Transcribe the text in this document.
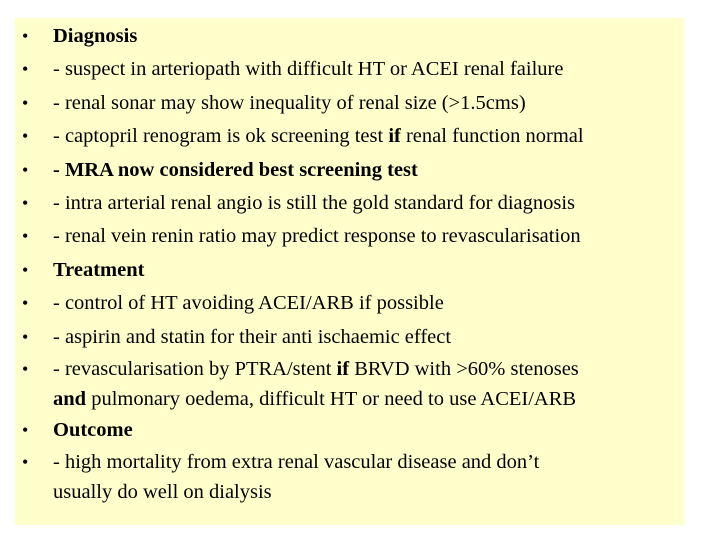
• Diagnosis
• - suspect in arteriopath with difficult HT or ACEI renal failure
• - renal sonar may show inequality of renal size (>1.5cms)
• - captopril renogram is ok screening test if renal function normal
• - MRA now considered best screening test
• - intra arterial renal angio is still the gold standard for diagnosis
• - renal vein renin ratio may predict response to revascularisation
• Treatment
• - control of HT avoiding ACEI/ARB if possible
• - aspirin and statin for their anti ischaemic effect
• - revascularisation by PTRA/stent if BRVD with >60% stenoses
and pulmonary oedema, difficult HT or need to use ACEI/ARB
• Outcome
• - high mortality from extra renal vascular disease and don’t
usually do well on dialysis
